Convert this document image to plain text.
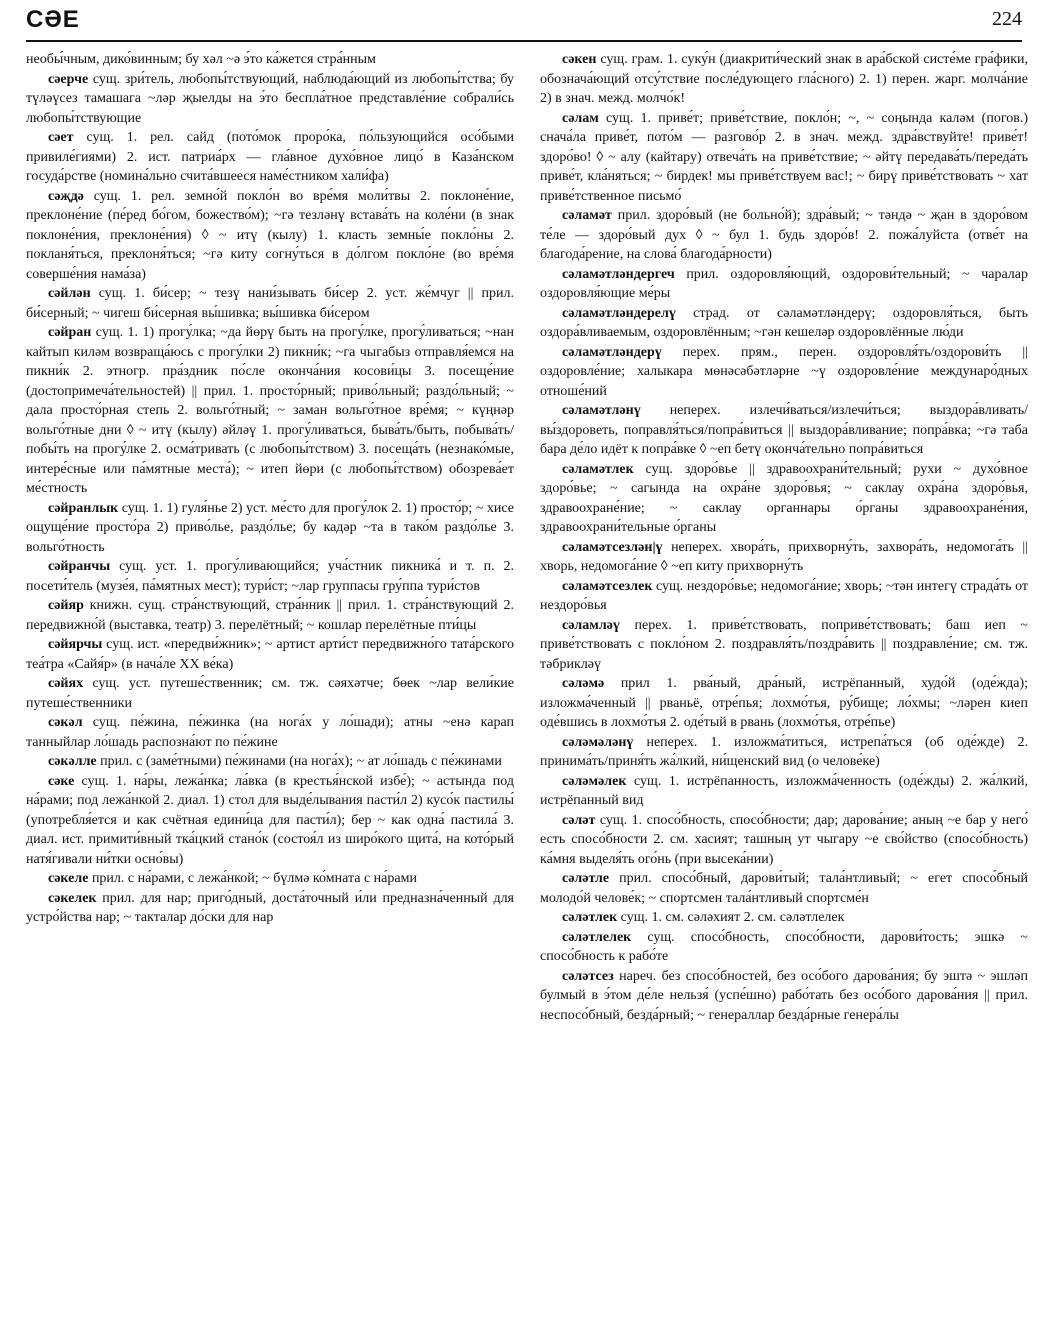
СӘЕ	224

необы́чным, дико́винным; бу хәл ~ә э́то ка́жется стра́нным

сәерче сущ. зри́тель, любопы́тствующий, наблюда́ющий из любопы́тства; бу түләүсез тамашага ~ләр җыелды на э́то беспла́тное представле́ние собрали́сь любопы́тствующие

сәет сущ. 1. рел. сайд (пото́мок проро́ка, по́льзующийся осо́быми привиле́гиями) 2. ист. патриа́рх — гла́вное духо́вное лицо́ в Каза́нском госуда́рстве (номина́льно счита́вшееся наме́стником хали́фа)

сәҗдә сущ. 1. рел. земно́й покло́н во вре́мя моли́твы 2. поклоне́ние, преклоне́ние (пе́ред бо́гом, божество́м); ~гә тезләнү встава́ть на коле́ни (в знак поклоне́ния, преклоне́ния) ◊ ~ итү (кылу) 1. класть земны́е покло́ны 2. покланя́ться, преклоня́ться; ~гә киту согну́ться в до́лгом покло́не (во вре́мя соверше́ния нама́за)

сәйлән сущ. 1. би́сер; ~ тезү нани́зывать би́сер 2. уст. же́мчуг || прил. би́серный; ~ чигеш би́серная вы́шивка; вы́шивка би́сером

сәйран сущ. 1. 1) прогу́лка; ~да йөрү быть на прогу́лке, прогу́ливаться; ~нан кайтып киләм возвраща́юсь с прогу́лки 2) пикни́к; ~га чыгабыз отправля́емся на пикни́к 2. этногр. пра́здник по́сле оконча́ния косови́цы 3. посеще́ние (достопримеча́тельностей) || прил. 1. просто́рный; приво́льный; раздо́льный; ~ дала просто́рная степь 2. вольго́тный; ~ заман вольго́тное вре́мя; ~ күңнәр вольго́тные дни ◊ ~ итү (кылу) әйләү 1. прогу́ливаться, быва́ть/быть, побыва́ть/побы́ть на прогу́лке 2. осма́тривать (с любопы́тством) 3. посеща́ть (незнако́мые, интере́сные или па́мятные места́); ~ итеп йөри (с любопы́тством) обозрева́ет ме́стность

сәйранлык сущ. 1. 1) гуля́нье 2) уст. ме́сто для прогу́лок 2. 1) просто́р; ~ хисе ощуще́ние просто́ра 2) приво́лье, раздо́лье; бу кадәр ~та в тако́м раздо́лье 3. вольго́тность

сәйранчы сущ. уст. 1. прогу́ливающийся; уча́стник пикника́ и т. п. 2. посети́тель (музе́я, па́мятных мест); тури́ст; ~лар группасы гру́ппа тури́стов

сәйяр книжн. сущ. стра́нствующий, стра́нник || прил. 1. стра́нствующий 2. передвижно́й (выставка, театр) 3. перелётный; ~ кошлар перелётные пти́цы

сәйярчы сущ. ист. «передви́жник»; ~ артист арти́ст передвижно́го тата́рского теа́тра «Сайя́р» (в нача́ле XX ве́ка)

сәйях сущ. уст. путеше́ственник; см. тж. сәяхәтче; бөек ~лар вели́кие путеше́ственники

сәкәл сущ. пе́жина, пе́жинка (на нога́х у ло́шади); атны ~енә карап танныйлар ло́шадь распозна́ют по пе́жине

сәкәлле прил. с (заме́тными) пе́жинами (на нога́х); ~ ат ло́шадь с пе́жинами

сәке сущ. 1. на́ры, лежа́нка; ла́вка (в крестья́нской избе́); ~ астында под на́рами; под лежа́нкой 2. диал. 1) стол для выде́лывания пасти́л 2) кусо́к пастилы́ (употребля́ется и как счётная едини́ца для пасти́л); бер ~ как одна́ пастила́ 3. диал. ист. примити́вный тка́цкий стано́к (состоя́л из широ́кого щита́, на кото́рый натя́гивали ни́тки осно́вы)

сәкеле прил. с на́рами, с лежа́нкой; ~ бүлмә ко́мната с на́рами

сәкелек прил. для нар; приго́дный, доста́точный и́ли предназна́ченный для устро́йства нар; ~ такталар до́ски для нар

сәкен сущ. грам. 1. суку́н (диакрити́ческий знак в ара́бской систе́ме гра́фики, обознача́ющий отсу́тствие после́дующего гла́сного) 2. 1) перен. жарг. молча́ние 2) в знач. межд. молчо́к!

сәлам сущ. 1. приве́т; приве́тствие, покло́н; ~, ~ соңында каләм (погов.) снача́ла приве́т, пото́м — разгово́р 2. в знач. межд. здра́вствуйте! приве́т! здоро́во! ◊ ~ алу (кайтару) отвеча́ть на приве́тствие; ~ әйтү передава́ть/переда́ть приве́т, кла́няться; ~ бирдек! мы приве́тствуем вас!; ~ бирү приве́тствовать ~ хат приве́тственное письмо́

сәламәт прил. здоро́вый (не больно́й); здра́вый; ~ тәндә ~ җан в здоро́вом те́ле — здоро́вый дух ◊ ~ бул 1. будь здоро́в! 2. пожа́луйста (отве́т на благода́рение, на слова́ благода́рности)

сәламәтләндергеч прил. оздоровля́ющий, оздорови́тельный; ~ чаралар оздоровля́ющие ме́ры

сәламәтләндерелү страд. от сәламәтләндерү; оздоровля́ться, быть оздора́вливаемым, оздоровлённым; ~гән кешеләр оздоровлённые лю́ди

сәламәтләндерү перех. прям., перен. оздоровля́ть/оздорови́ть || оздоровле́ние; халыкара мөнәсәбәтләрне ~ү оздоровле́ние междунаро́дных отноше́ний

сәламәтләнү неперех. излечи́ваться/излечи́ться; выздора́вливать/вы́здороветь, поправля́ться/попра́виться || выздора́вливание; попра́вка; ~гә таба бара де́ло идёт к попра́вке ◊ ~еп бетү оконча́тельно попра́виться

сәламәтлек сущ. здоро́вье || здравоохрани́тельный; рухи ~ духо́вное здоро́вье; ~ сагында на охра́не здоро́вья; ~ саклау охра́на здоро́вья, здравоохране́ние; ~ саклау органнары о́рганы здравоохране́ния, здравоохрани́тельные о́рганы

сәламәтсезлән|ү неперех. хвора́ть, прихворну́ть, захвора́ть, недомога́ть || хворь, недомога́ние ◊ ~еп киту прихворну́ть

сәламәтсезлек сущ. нездоро́вье; недомога́ние; хворь; ~тән интегү страда́ть от нездоро́вья

сәламләү перех. 1. приве́тствовать, поприве́тствовать; баш иеп ~ приве́тствовать с покло́ном 2. поздравля́ть/поздра́вить || поздравле́ние; см. тж. тәбрикләү

сәләмә прил 1. рва́ный, дра́ный, истрёпанный, худо́й (оде́жда); изложма́ченный || рваньё, отре́пья; лохмо́тья, ру́бище; ло́хмы; ~ләрен киеп оде́вшись в лохмо́тья 2. оде́тый в рвань (лохмо́тья, отре́пье)

сәләмәләнү неперех. 1. изложма́титься, истрепа́ться (об оде́жде) 2. принима́ть/приня́ть жа́лкий, ни́щенский вид (о челове́ке)

сәләмәлек сущ. 1. истрёпанность, изложма́ченность (оде́жды) 2. жа́лкий, истрёпанный вид

сәләт сущ. 1. спосо́бность, спосо́бности; дар; дарова́ние; аның ~е бар у него́ есть спосо́бности 2. см. хасият; ташның ут чыгару ~е сво́йство (спосо́бность) ка́мня выделя́ть ого́нь (при высека́нии)

сәләтле прил. спосо́бный, дарови́тый; тала́нтливый; ~ егет спосо́бный молодо́й челове́к; ~ спортсмен тала́нтливый спортсме́н

сәләтлек сущ. 1. см. сәләхият 2. см. сәләтлелек

сәләтлелек сущ. спосо́бность, спосо́бности, дарови́тость; эшкә ~ спосо́бность к рабо́те

сәләтсез нареч. без спосо́бностей, без осо́бого дарова́ния; бу эштә ~ эшләп булмый в э́том де́ле нельзя́ (успе́шно) рабо́тать без осо́бого дарова́ния || прил. неспосо́бный, безда́рный; ~ генераллар безда́рные генера́лы
